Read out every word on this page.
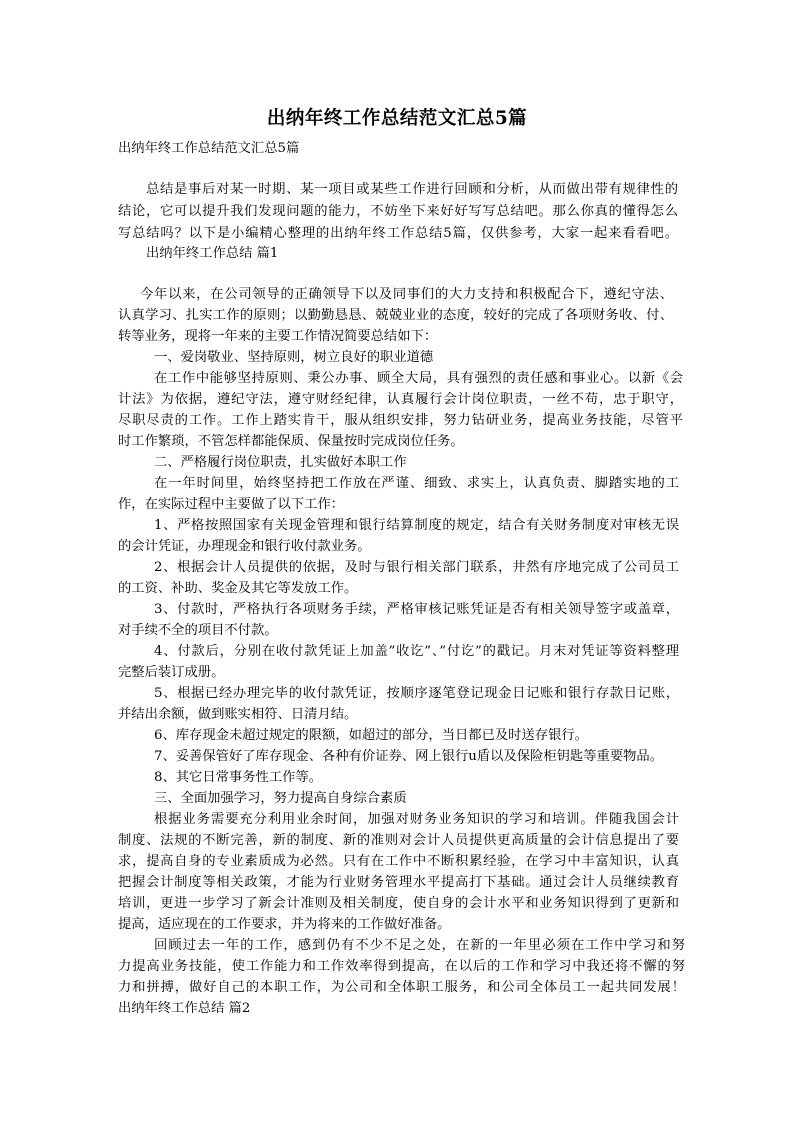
出纳年终工作总结范文汇总5篇
出纳年终工作总结范文汇总5篇
总结是事后对某一时期、某一项目或某些工作进行回顾和分析，从而做出带有规律性的
结论，它可以提升我们发现问题的能力，不妨坐下来好好写写总结吧。那么你真的懂得怎么
写总结吗？以下是小编精心整理的出纳年终工作总结5篇，仅供参考，大家一起来看看吧。
出纳年终工作总结 篇1
今年以来，在公司领导的正确领导下以及同事们的大力支持和积极配合下，遵纪守法、
认真学习、扎实工作的原则；以勤勤恳恳、兢兢业业的态度，较好的完成了各项财务收、付、
转等业务，现将一年来的主要工作情况简要总结如下：
一、爱岗敬业、坚持原则，树立良好的职业道德
在工作中能够坚持原则、秉公办事、顾全大局，具有强烈的责任感和事业心。以新《会
计法》为依据，遵纪守法，遵守财经纪律，认真履行会计岗位职责，一丝不苟，忠于职守，
尽职尽责的工作。工作上踏实肯干，服从组织安排，努力钻研业务，提高业务技能，尽管平
时工作繁琐，不管怎样都能保质、保量按时完成岗位任务。
二、严格履行岗位职责，扎实做好本职工作
在一年时间里，始终坚持把工作放在严谨、细致、求实上，认真负责、脚踏实地的工
作，在实际过程中主要做了以下工作：
1、严格按照国家有关现金管理和银行结算制度的规定，结合有关财务制度对审核无误
的会计凭证，办理现金和银行收付款业务。
2、根据会计人员提供的依据，及时与银行相关部门联系，井然有序地完成了公司员工
的工资、补助、奖金及其它等发放工作。
3、付款时，严格执行各项财务手续，严格审核记账凭证是否有相关领导签字或盖章，
对手续不全的项目不付款。
4、付款后，分别在收付款凭证上加盖”收讫”、”付讫”的戳记。月末对凭证等资料整理
完整后装订成册。
5、根据已经办理完毕的收付款凭证，按顺序逐笔登记现金日记账和银行存款日记账，
并结出余额，做到账实相符、日清月结。
6、库存现金未超过规定的限额，如超过的部分，当日都已及时送存银行。
7、妥善保管好了库存现金、各种有价证券、网上银行u盾以及保险柜钥匙等重要物品。
8、其它日常事务性工作等。
三、全面加强学习，努力提高自身综合素质
根据业务需要充分利用业余时间，加强对财务业务知识的学习和培训。伴随我国会计
制度、法规的不断完善，新的制度、新的准则对会计人员提供更高质量的会计信息提出了要
求，提高自身的专业素质成为必然。只有在工作中不断积累经验，在学习中丰富知识，认真
把握会计制度等相关政策，才能为行业财务管理水平提高打下基础。通过会计人员继续教育
培训，更进一步学习了新会计准则及相关制度，使自身的会计水平和业务知识得到了更新和
提高，适应现在的工作要求，并为将来的工作做好准备。
回顾过去一年的工作，感到仍有不少不足之处，在新的一年里必须在工作中学习和努
力提高业务技能，使工作能力和工作效率得到提高，在以后的工作和学习中我还将不懈的努
力和拼搏，做好自己的本职工作，为公司和全体职工服务，和公司全体员工一起共同发展！
出纳年终工作总结 篇2
